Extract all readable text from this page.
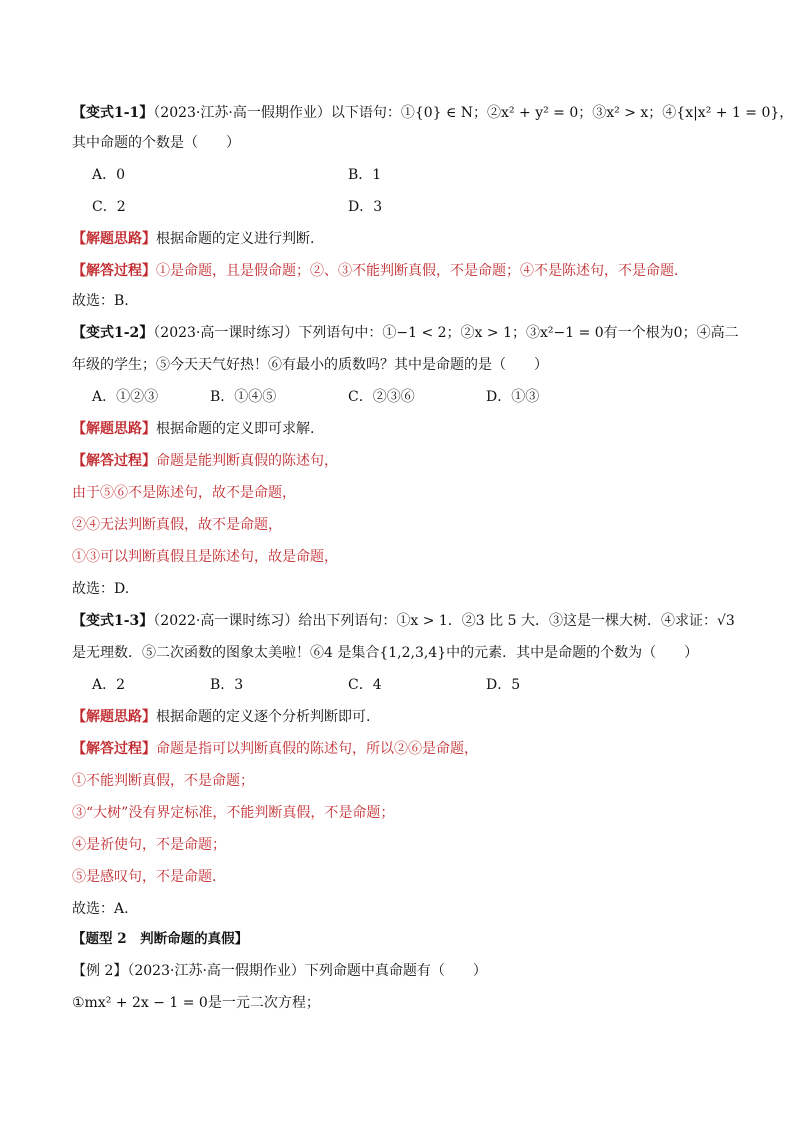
【变式1-1】（2023·江苏·高一假期作业）以下语句：①{0} ∈ N；②x² + y² = 0；③x² > x；④{x|x² + 1 = 0}，
其中命题的个数是（　　）
A．0	B．1
C．2	D．3
【解题思路】根据命题的定义进行判断.
【解答过程】①是命题，且是假命题；②、③不能判断真假，不是命题；④不是陈述句，不是命题．
故选：B.
【变式1-2】（2023·高一课时练习）下列语句中：①−1 < 2；②x > 1；③x²−1 = 0有一个根为0；④高二
年级的学生；⑤今天天气好热！⑥有最小的质数吗？其中是命题的是（　　）
A．①②③	B．①④⑤	C．②③⑥	D．①③
【解题思路】根据命题的定义即可求解.
【解答过程】命题是能判断真假的陈述句，
由于⑤⑥不是陈述句，故不是命题，
②④无法判断真假，故不是命题，
①③可以判断真假且是陈述句，故是命题，
故选：D.
【变式1-3】（2022·高一课时练习）给出下列语句：①x > 1．②3 比 5 大．③这是一棵大树．④求证：√3
是无理数．⑤二次函数的图象太美啦！⑥4 是集合{1,2,3,4}中的元素．其中是命题的个数为（　　）
A．2	B．3	C．4	D．5
【解题思路】根据命题的定义逐个分析判断即可.
【解答过程】命题是指可以判断真假的陈述句，所以②⑥是命题，
①不能判断真假，不是命题；
③“大树”没有界定标准，不能判断真假，不是命题；
④是祈使句，不是命题；
⑤是感叹句，不是命题．
故选：A.
【题型 2　判断命题的真假】
【例 2】（2023·江苏·高一假期作业）下列命题中真命题有（　　）
①mx² + 2x − 1 = 0是一元二次方程；
